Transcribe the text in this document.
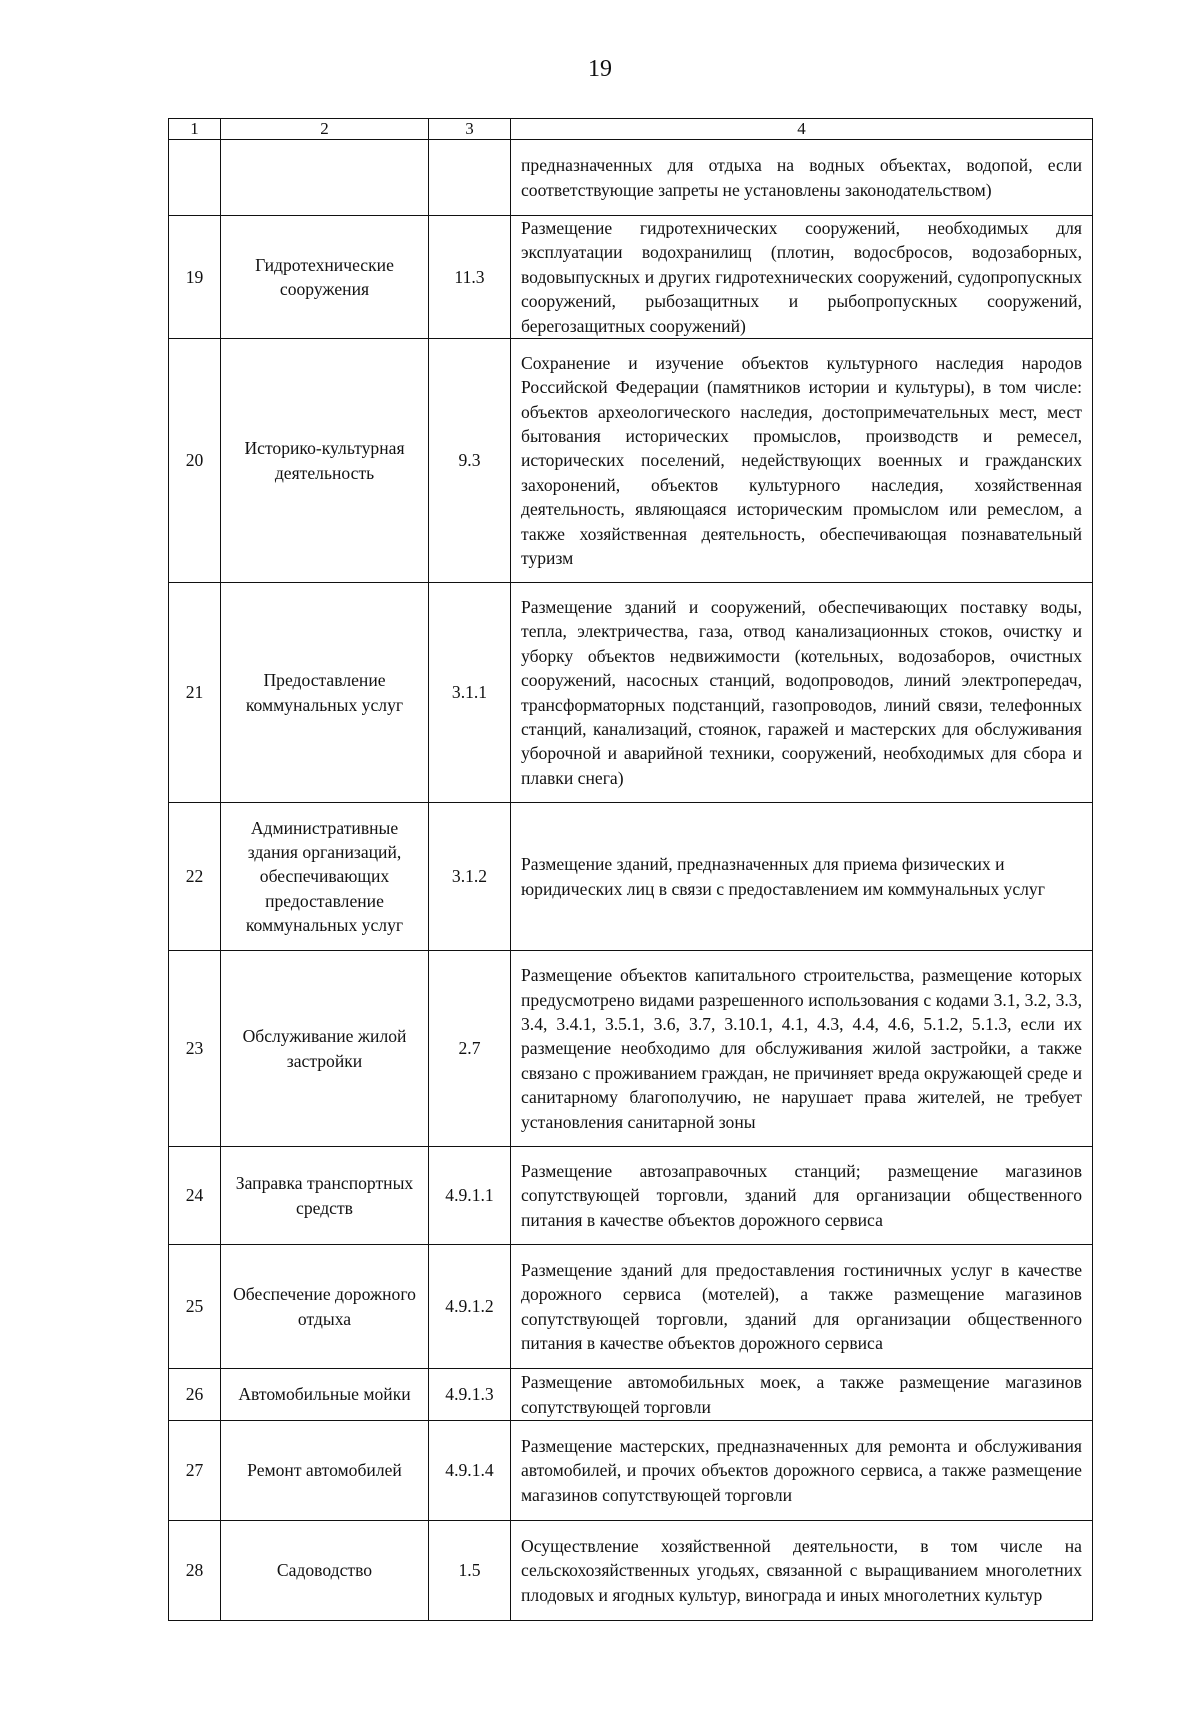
19
1	2	3	4
			предназначенных для отдыха на водных объектах, водопой, если соответствующие запреты не установлены законодательством)
19	Гидротехнические сооружения	11.3	Размещение гидротехнических сооружений, необходимых для эксплуатации водохранилищ (плотин, водосбросов, водозаборных, водовыпускных и других гидротехнических сооружений, судопропускных сооружений, рыбозащитных и рыбопропускных сооружений, берегозащитных сооружений)
20	Историко-культурная деятельность	9.3	Сохранение и изучение объектов культурного наследия народов Российской Федерации (памятников истории и культуры), в том числе: объектов археологического наследия, достопримечательных мест, мест бытования исторических промыслов, производств и ремесел, исторических поселений, недействующих военных и гражданских захоронений, объектов культурного наследия, хозяйственная деятельность, являющаяся историческим промыслом или ремеслом, а также хозяйственная деятельность, обеспечивающая познавательный туризм
21	Предоставление коммунальных услуг	3.1.1	Размещение зданий и сооружений, обеспечивающих поставку воды, тепла, электричества, газа, отвод канализационных стоков, очистку и уборку объектов недвижимости (котельных, водозаборов, очистных сооружений, насосных станций, водопроводов, линий электропередач, трансформаторных подстанций, газопроводов, линий связи, телефонных станций, канализаций, стоянок, гаражей и мастерских для обслуживания уборочной и аварийной техники, сооружений, необходимых для сбора и плавки снега)
22	Административные здания организаций, обеспечивающих предоставление коммунальных услуг	3.1.2	Размещение зданий, предназначенных для приема физических и юридических лиц в связи с предоставлением им коммунальных услуг
23	Обслуживание жилой застройки	2.7	Размещение объектов капитального строительства, размещение которых предусмотрено видами разрешенного использования с кодами 3.1, 3.2, 3.3, 3.4, 3.4.1, 3.5.1, 3.6, 3.7, 3.10.1, 4.1, 4.3, 4.4, 4.6, 5.1.2, 5.1.3, если их размещение необходимо для обслуживания жилой застройки, а также связано с проживанием граждан, не причиняет вреда окружающей среде и санитарному благополучию, не нарушает права жителей, не требует установления санитарной зоны
24	Заправка транспортных средств	4.9.1.1	Размещение автозаправочных станций; размещение магазинов сопутствующей торговли, зданий для организации общественного питания в качестве объектов дорожного сервиса
25	Обеспечение дорожного отдыха	4.9.1.2	Размещение зданий для предоставления гостиничных услуг в качестве дорожного сервиса (мотелей), а также размещение магазинов сопутствующей торговли, зданий для организации общественного питания в качестве объектов дорожного сервиса
26	Автомобильные мойки	4.9.1.3	Размещение автомобильных моек, а также размещение магазинов сопутствующей торговли
27	Ремонт автомобилей	4.9.1.4	Размещение мастерских, предназначенных для ремонта и обслуживания автомобилей, и прочих объектов дорожного сервиса, а также размещение магазинов сопутствующей торговли
28	Садоводство	1.5	Осуществление хозяйственной деятельности, в том числе на сельскохозяйственных угодьях, связанной с выращиванием многолетних плодовых и ягодных культур, винограда и иных многолетних культур
